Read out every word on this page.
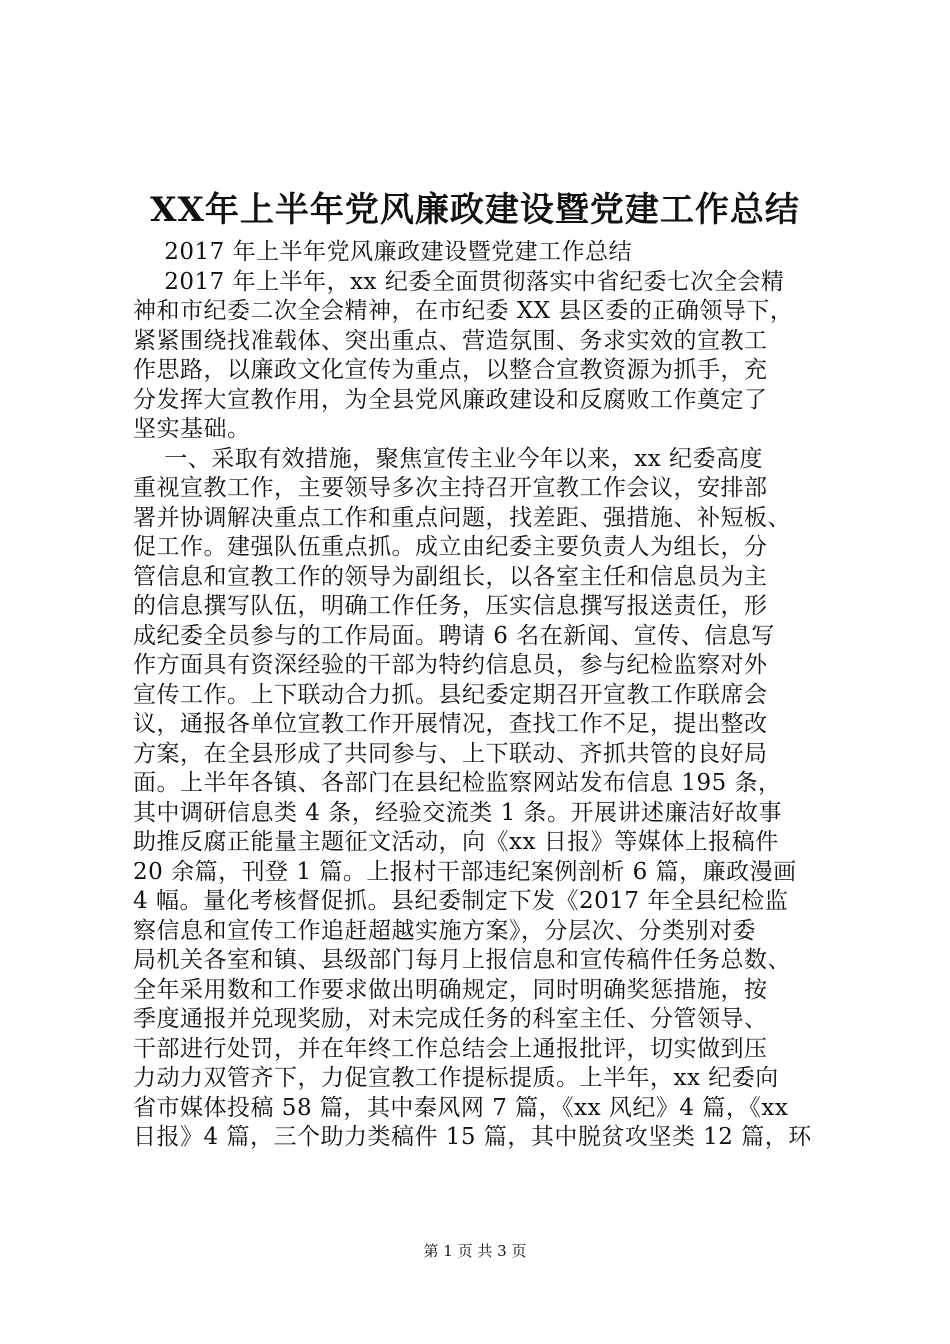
XX年上半年党风廉政建设暨党建工作总结
2017 年上半年党风廉政建设暨党建工作总结
2017 年上半年，xx 纪委全面贯彻落实中省纪委七次全会精
神和市纪委二次全会精神，在市纪委 XX 县区委的正确领导下，
紧紧围绕找准载体、突出重点、营造氛围、务求实效的宣教工
作思路，以廉政文化宣传为重点，以整合宣教资源为抓手，充
分发挥大宣教作用，为全县党风廉政建设和反腐败工作奠定了
坚实基础。
一、采取有效措施，聚焦宣传主业今年以来，xx 纪委高度
重视宣教工作，主要领导多次主持召开宣教工作会议，安排部
署并协调解决重点工作和重点问题，找差距、强措施、补短板、
促工作。建强队伍重点抓。成立由纪委主要负责人为组长，分
管信息和宣教工作的领导为副组长，以各室主任和信息员为主
的信息撰写队伍，明确工作任务，压实信息撰写报送责任，形
成纪委全员参与的工作局面。聘请 6 名在新闻、宣传、信息写
作方面具有资深经验的干部为特约信息员，参与纪检监察对外
宣传工作。上下联动合力抓。县纪委定期召开宣教工作联席会
议，通报各单位宣教工作开展情况，查找工作不足，提出整改
方案，在全县形成了共同参与、上下联动、齐抓共管的良好局
面。上半年各镇、各部门在县纪检监察网站发布信息 195 条，
其中调研信息类 4 条，经验交流类 1 条。开展讲述廉洁好故事
助推反腐正能量主题征文活动，向《xx 日报》等媒体上报稿件
20 余篇，刊登 1 篇。上报村干部违纪案例剖析 6 篇，廉政漫画
4 幅。量化考核督促抓。县纪委制定下发《2017 年全县纪检监
察信息和宣传工作追赶超越实施方案》，分层次、分类别对委
局机关各室和镇、县级部门每月上报信息和宣传稿件任务总数、
全年采用数和工作要求做出明确规定，同时明确奖惩措施，按
季度通报并兑现奖励，对未完成任务的科室主任、分管领导、
干部进行处罚，并在年终工作总结会上通报批评，切实做到压
力动力双管齐下，力促宣教工作提标提质。上半年，xx 纪委向
省市媒体投稿 58 篇，其中秦风网 7 篇，《xx 风纪》4 篇，《xx
日报》4 篇，三个助力类稿件 15 篇，其中脱贫攻坚类 12 篇，环
第 1 页 共 3 页
